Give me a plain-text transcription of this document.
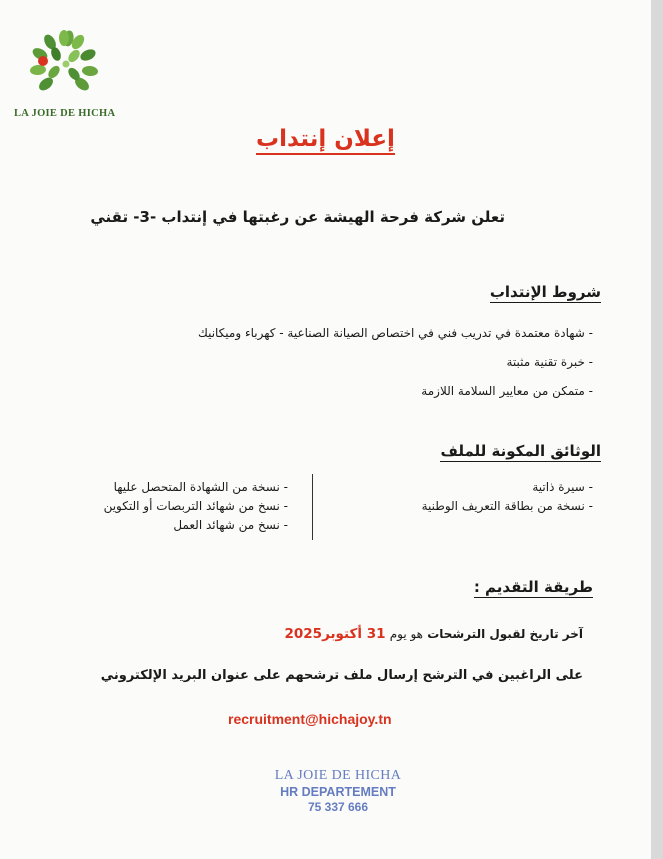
LA JOIE DE HICHA
إعلان إنتداب
تعلن شركة فرحة الهيشة عن رغبتها في إنتداب -3- تقني
شروط الإنتداب
- شهادة معتمدة في تدريب فني في اختصاص الصيانة الصناعية - كهرباء وميكانيك
- خبرة تقنية مثبتة
- متمكن من معايير السلامة اللازمة
الوثائق المكونة للملف
- سيرة ذاتية
- نسخة من بطاقة التعريف الوطنية
- نسخة من الشهادة المتحصل عليها
- نسخ من شهائد التربصات أو التكوين
- نسخ من شهائد العمل
طريقة التقديم :
آخر تاريخ لقبول الترشحات هو يوم 31 أكتوبر2025
على الراغبين في الترشح إرسال ملف ترشحهم على عنوان البريد الإلكتروني
recruitment@hichajoy.tn
LA JOIE DE HICHA
HR DEPARTEMENT
75 337 666
